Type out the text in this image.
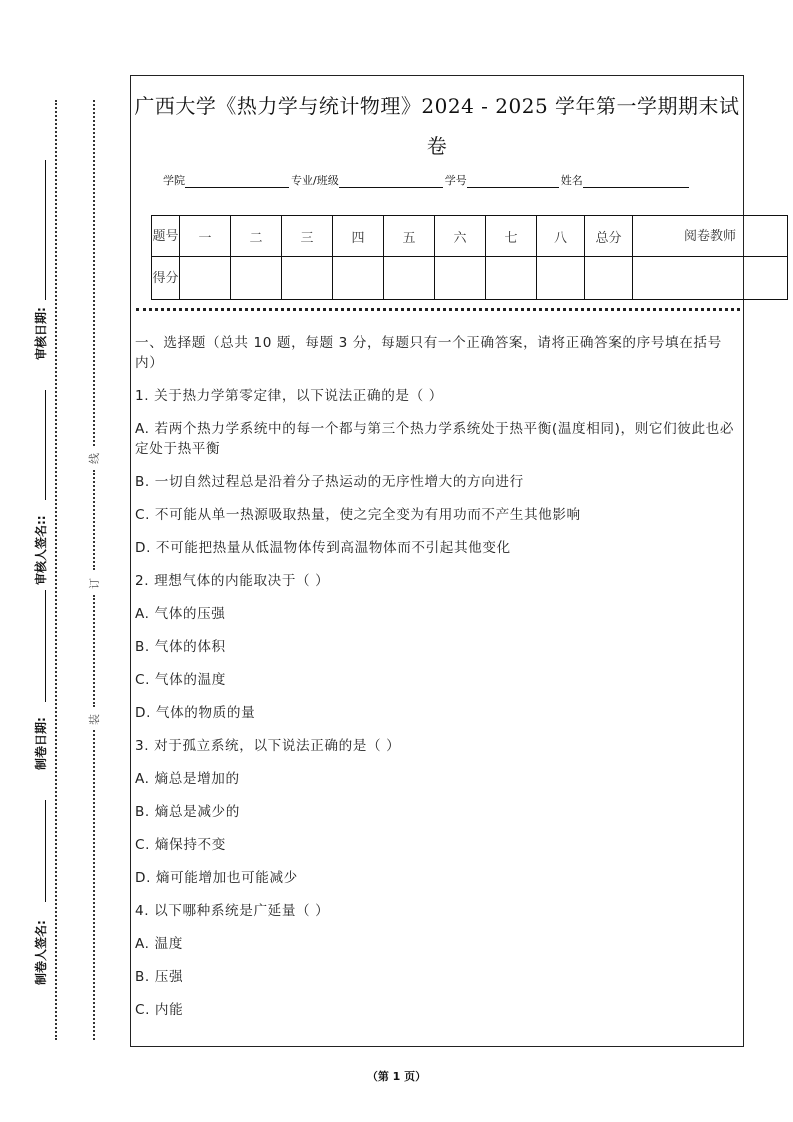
装
订
线
制卷人签名:
制卷日期:
审核人签名::
审核日期:
广西大学《热力学与统计物理》2024 - 2025 学年第一学期期末试
卷
学院	专业/班级	学号	姓名
题号	一	二	三	四	五	六	七	八	总分	阅卷教师
得分										

一、选择题（总共 10 题，每题 3 分，每题只有一个正确答案，请将正确答案的序号填在括号内）

1. 关于热力学第零定律，以下说法正确的是（ ）

A. 若两个热力学系统中的每一个都与第三个热力学系统处于热平衡(温度相同)，则它们彼此也必定处于热平衡

B. 一切自然过程总是沿着分子热运动的无序性增大的方向进行

C. 不可能从单一热源吸取热量，使之完全变为有用功而不产生其他影响

D. 不可能把热量从低温物体传到高温物体而不引起其他变化

2. 理想气体的内能取决于（ ）

A. 气体的压强

B. 气体的体积

C. 气体的温度

D. 气体的物质的量

3. 对于孤立系统，以下说法正确的是（ ）

A. 熵总是增加的

B. 熵总是减少的

C. 熵保持不变

D. 熵可能增加也可能减少

4. 以下哪种系统是广延量（ ）

A. 温度

B. 压强

C. 内能

（第 1 页）
